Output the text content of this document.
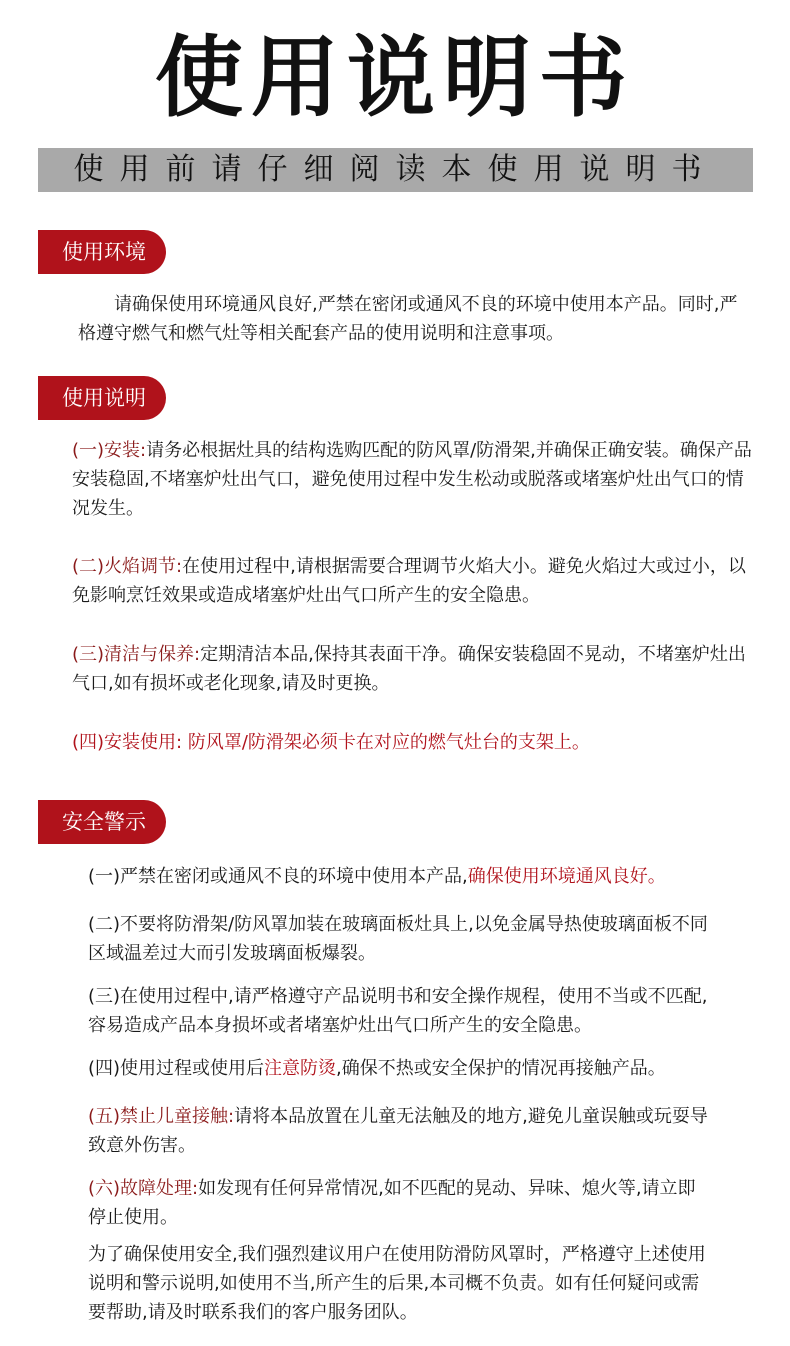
使用说明书
使用前请仔细阅读本使用说明书
使用环境
请确保使用环境通风良好,严禁在密闭或通风不良的环境中使用本产品。同时,严格遵守燃气和燃气灶等相关配套产品的使用说明和注意事项。
使用说明
(一)安装:请务必根据灶具的结构选购匹配的防风罩/防滑架,并确保正确安装。确保产品安装稳固,不堵塞炉灶出气口，避免使用过程中发生松动或脱落或堵塞炉灶出气口的情况发生。
(二)火焰调节:在使用过程中,请根据需要合理调节火焰大小。避免火焰过大或过小，以免影响烹饪效果或造成堵塞炉灶出气口所产生的安全隐患。
(三)清洁与保养:定期清洁本品,保持其表面干净。确保安装稳固不晃动，不堵塞炉灶出气口,如有损坏或老化现象,请及时更换。
(四)安装使用: 防风罩/防滑架必须卡在对应的燃气灶台的支架上。
安全警示
(一)严禁在密闭或通风不良的环境中使用本产品,确保使用环境通风良好。
(二)不要将防滑架/防风罩加装在玻璃面板灶具上,以免金属导热使玻璃面板不同区域温差过大而引发玻璃面板爆裂。
(三)在使用过程中,请严格遵守产品说明书和安全操作规程，使用不当或不匹配,容易造成产品本身损坏或者堵塞炉灶出气口所产生的安全隐患。
(四)使用过程或使用后注意防烫,确保不热或安全保护的情况再接触产品。
(五)禁止儿童接触:请将本品放置在儿童无法触及的地方,避免儿童误触或玩耍导致意外伤害。
(六)故障处理:如发现有任何异常情况,如不匹配的晃动、异味、熄火等,请立即停止使用。
为了确保使用安全,我们强烈建议用户在使用防滑防风罩时，严格遵守上述使用说明和警示说明,如使用不当,所产生的后果,本司概不负责。如有任何疑问或需要帮助,请及时联系我们的客户服务团队。
